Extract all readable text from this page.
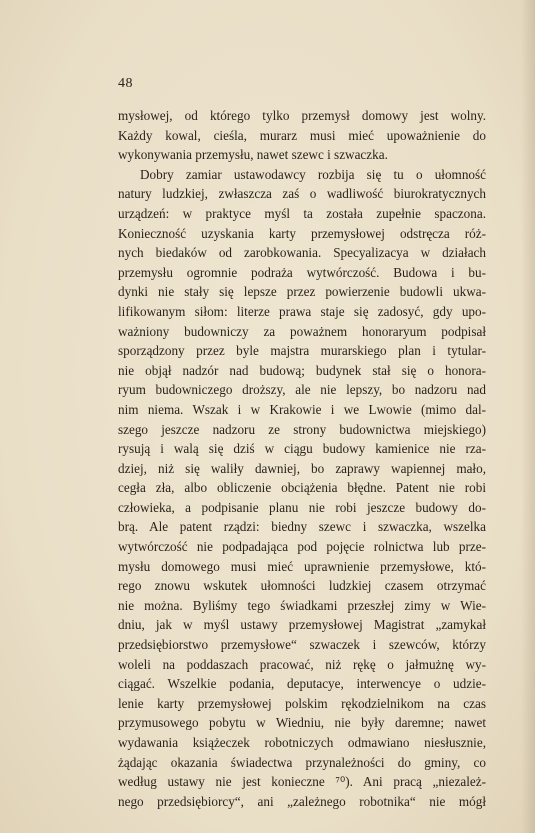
48
mysłowej, od którego tylko przemysł domowy jest wolny.
Każdy kowal, cieśla, murarz musi mieć upoważnienie do
wykonywania przemysłu, nawet szewc i szwaczka.
Dobry zamiar ustawodawcy rozbija się tu o ułomność
natury ludzkiej, zwłaszcza zaś o wadliwość biurokratycznych
urządzeń: w praktyce myśl ta została zupełnie spaczona.
Konieczność uzyskania karty przemysłowej odstręcza róż-
nych biedaków od zarobkowania. Specyalizacya w działach
przemysłu ogromnie podraża wytwórczość. Budowa i bu-
dynki nie stały się lepsze przez powierzenie budowli ukwa-
lifikowanym siłom: literze prawa staje się zadosyć, gdy upo-
ważniony budowniczy za poważnem honoraryum podpisał
sporządzony przez byle majstra murarskiego plan i tytular-
nie objął nadzór nad budową; budynek stał się o honora-
ryum budowniczego droższy, ale nie lepszy, bo nadzoru nad
nim niema. Wszak i w Krakowie i we Lwowie (mimo dal-
szego jeszcze nadzoru ze strony budownictwa miejskiego)
rysują i walą się dziś w ciągu budowy kamienice nie rza-
dziej, niż się waliły dawniej, bo zaprawy wapiennej mało,
cegła zła, albo obliczenie obciążenia błędne. Patent nie robi
człowieka, a podpisanie planu nie robi jeszcze budowy do-
brą. Ale patent rządzi: biedny szewc i szwaczka, wszelka
wytwórczość nie podpadająca pod pojęcie rolnictwa lub prze-
mysłu domowego musi mieć uprawnienie przemysłowe, któ-
rego znowu wskutek ułomności ludzkiej czasem otrzymać
nie można. Byliśmy tego świadkami przeszłej zimy w Wie-
dniu, jak w myśl ustawy przemysłowej Magistrat „zamykał
przedsiębiorstwo przemysłowe“ szwaczek i szewców, którzy
woleli na poddaszach pracować, niż rękę o jałmużnę wy-
ciągać. Wszelkie podania, deputacye, interwencye o udzie-
lenie karty przemysłowej polskim rękodzielnikom na czas
przymusowego pobytu w Wiedniu, nie były daremne; nawet
wydawania książeczek robotniczych odmawiano niesłusznie,
żądając okazania świadectwa przynależności do gminy, co
według ustawy nie jest konieczne ⁷⁰). Ani pracą „niezależ-
nego przedsiębiorcy“, ani „zależnego robotnika“ nie mógł
